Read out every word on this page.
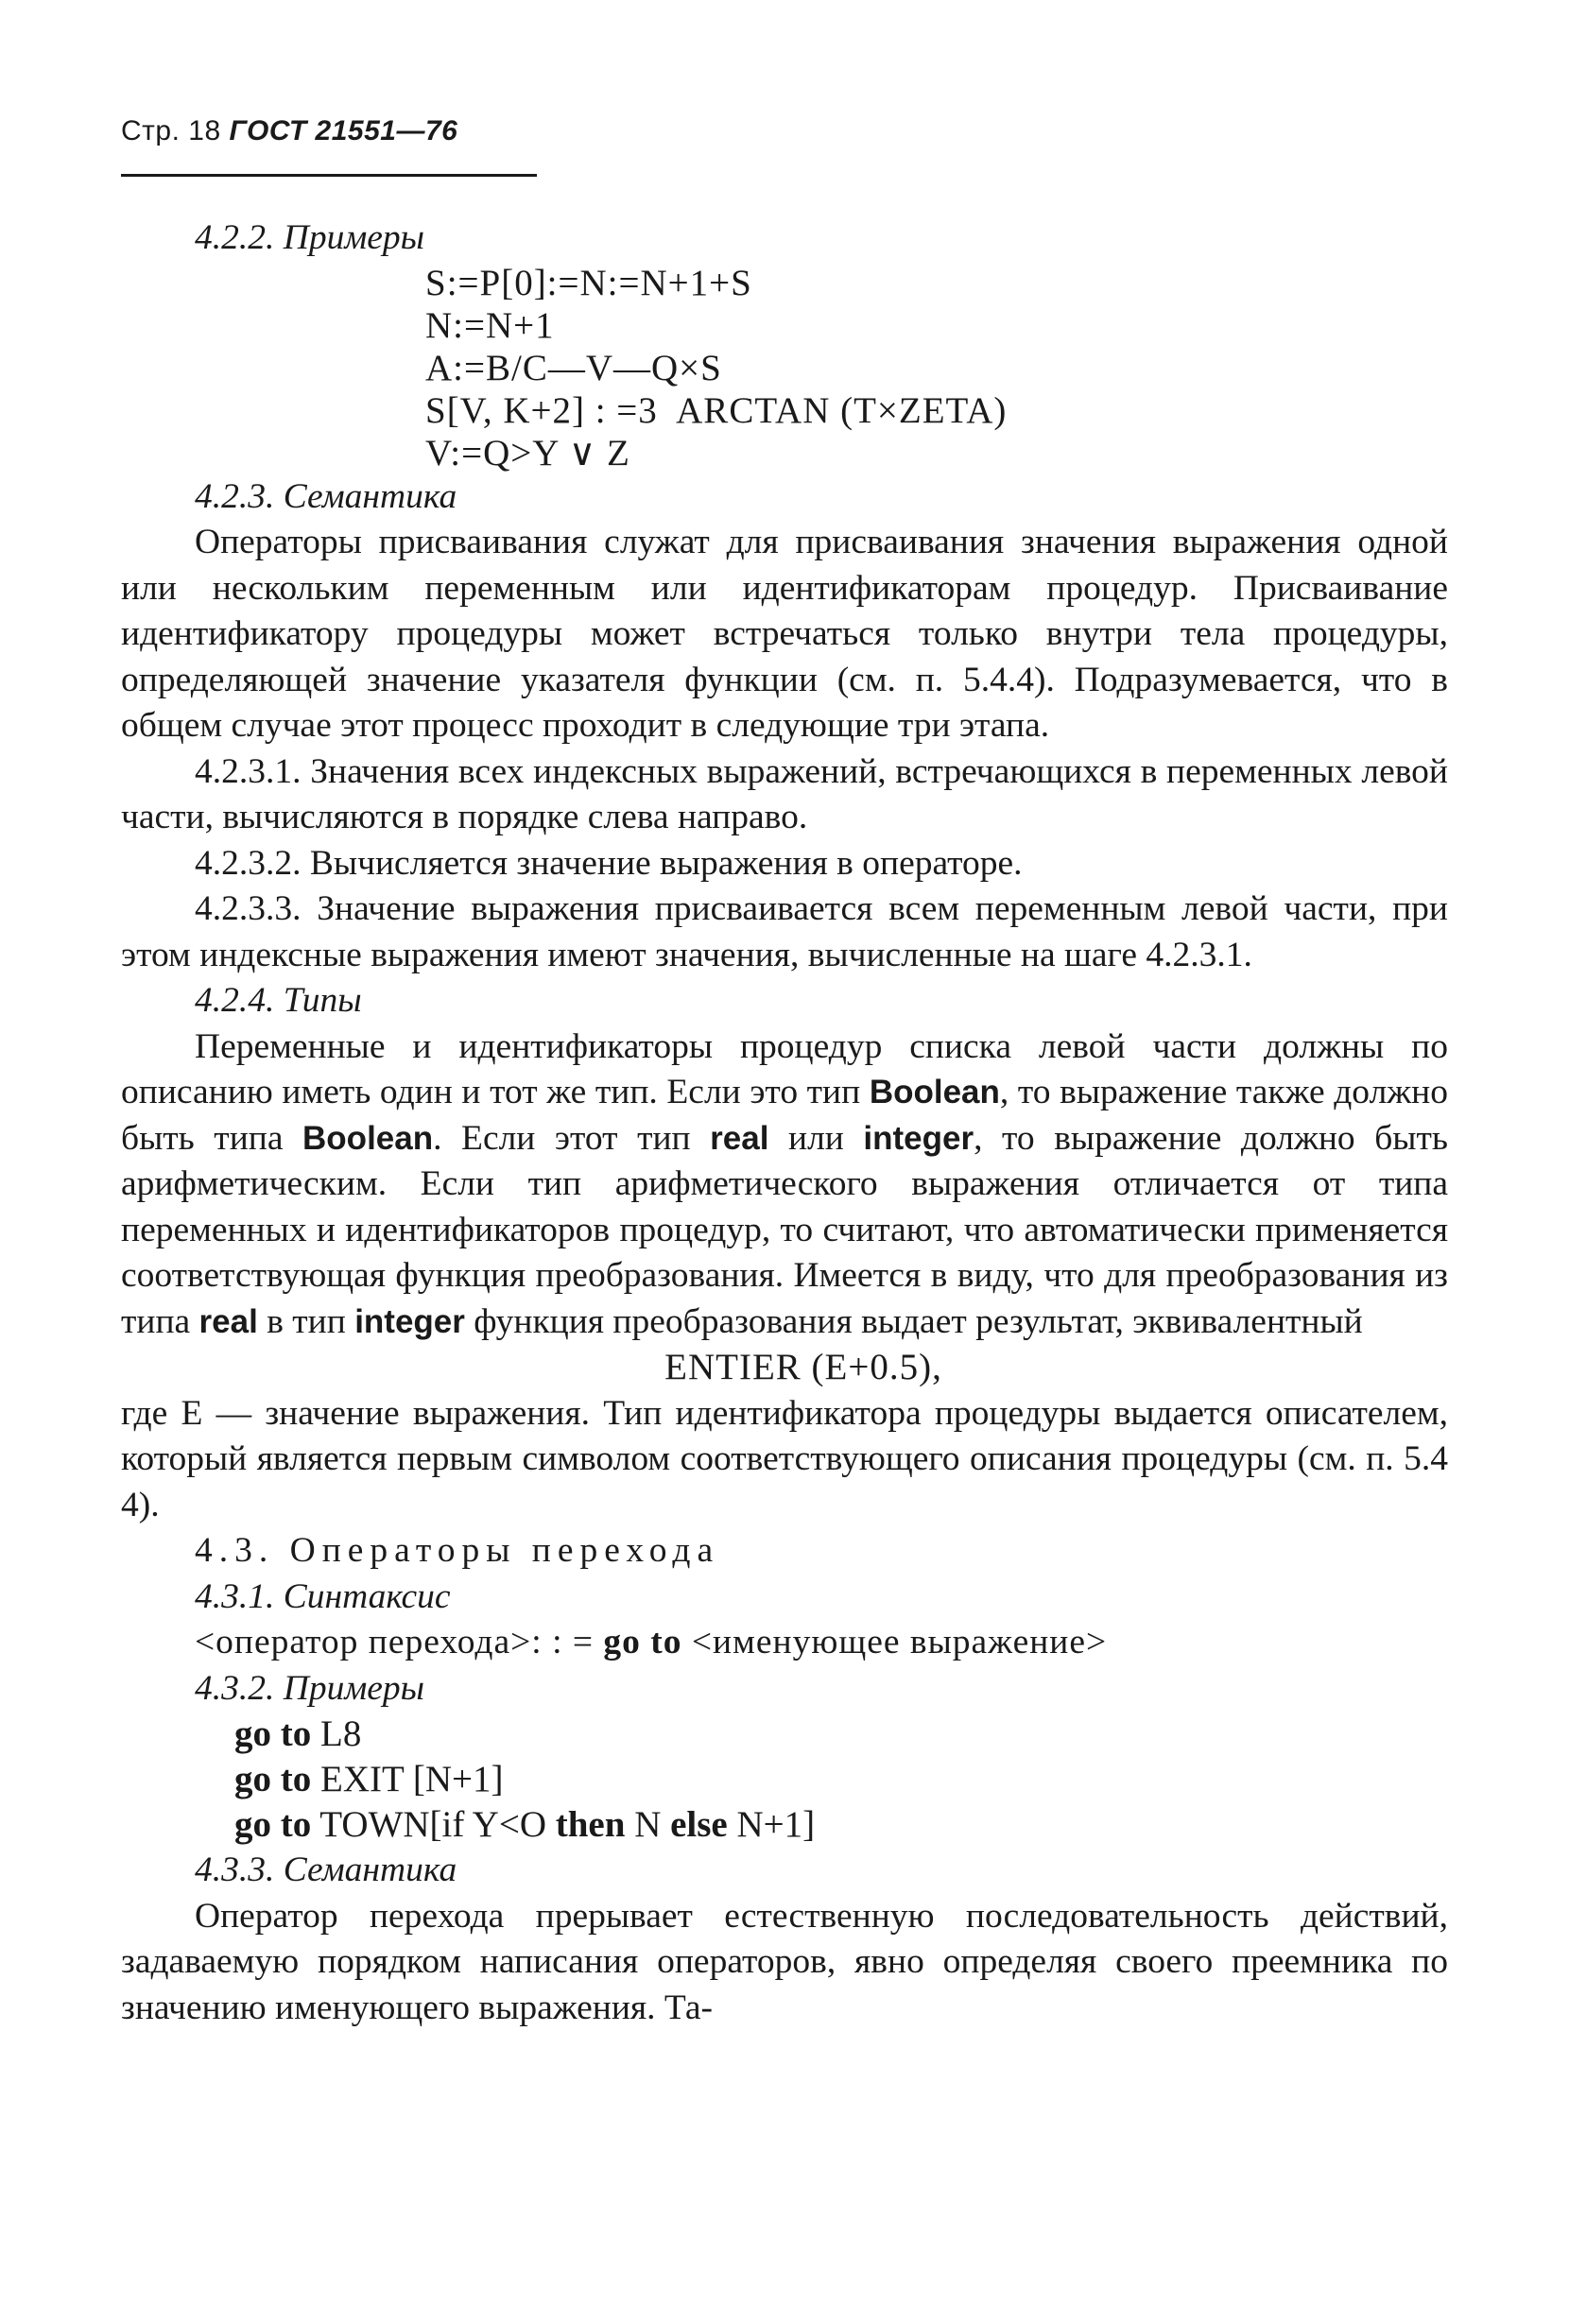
Стр. 18 ГОСТ 21551—76
4.2.2. Примеры
S:=P[0]:=N:=N+1+S
N:=N+1
A:=B/C—V—Q×S
S[V, K+2] : =3  ARCTAN (T×ZETA)
V:=Q>Y ∨ Z
4.2.3. Семантика

Операторы присваивания служат для присваивания значения выражения одной или нескольким переменным или идентификаторам процедур. Присваивание идентификатору процедуры может встречаться только внутри тела процедуры, определяющей значение указателя функции (см. п. 5.4.4). Подразумевается, что в общем случае этот процесс проходит в следующие три этапа.

4.2.3.1. Значения всех индексных выражений, встречающихся в переменных левой части, вычисляются в порядке слева направо.

4.2.3.2. Вычисляется значение выражения в операторе.

4.2.3.3. Значение выражения присваивается всем переменным левой части, при этом индексные выражения имеют значения, вычисленные на шаге 4.2.3.1.

4.2.4. Типы

Переменные и идентификаторы процедур списка левой части должны по описанию иметь один и тот же тип. Если это тип Boolean, то выражение также должно быть типа Boolean. Если этот тип real или integer, то выражение должно быть арифметическим. Если тип арифметического выражения отличается от типа переменных и идентификаторов процедур, то считают, что автоматически применяется соответствующая функция преобразования. Имеется в виду, что для преобразования из типа real в тип integer функция преобразования выдает результат, эквивалентный

ENTIER (E+0.5),

где E — значение выражения. Тип идентификатора процедуры выдается описателем, который является первым символом соответствующего описания процедуры (см. п. 5.4 4).

4.3. Операторы перехода
4.3.1. Синтаксис
<оператор перехода>: : = go to <именующее выражение>
4.3.2. Примеры
go to L8
go to EXIT [N+1]
go to TOWN[if Y<O then N else N+1]
4.3.3. Семантика

Оператор перехода прерывает естественную последовательность действий, задаваемую порядком написания операторов, явно определяя своего преемника по значению именующего выражения. Та-
